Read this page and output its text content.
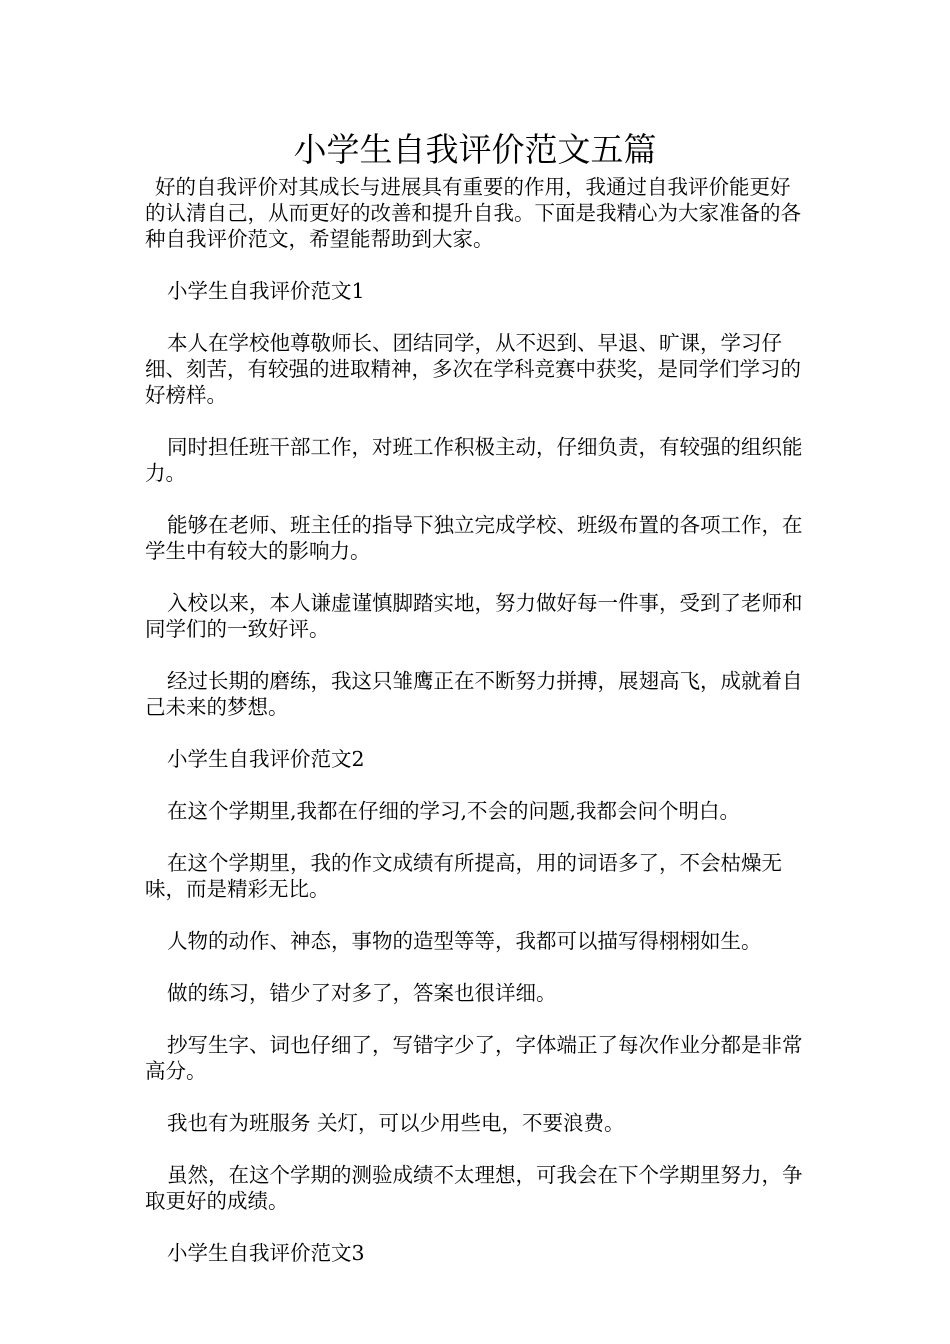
小学生自我评价范文五篇

好的自我评价对其成长与进展具有重要的作用，我通过自我评价能更好的认清自己，从而更好的改善和提升自我。下面是我精心为大家准备的各种自我评价范文，希望能帮助到大家。

小学生自我评价范文1

本人在学校他尊敬师长、团结同学，从不迟到、早退、旷课，学习仔细、刻苦，有较强的进取精神，多次在学科竞赛中获奖，是同学们学习的好榜样。

同时担任班干部工作，对班工作积极主动，仔细负责，有较强的组织能力。

能够在老师、班主任的指导下独立完成学校、班级布置的各项工作，在学生中有较大的影响力。

入校以来，本人谦虚谨慎脚踏实地，努力做好每一件事，受到了老师和同学们的一致好评。

经过长期的磨练，我这只雏鹰正在不断努力拼搏，展翅高飞，成就着自己未来的梦想。

小学生自我评价范文2

在这个学期里,我都在仔细的学习,不会的问题,我都会问个明白。

在这个学期里，我的作文成绩有所提高，用的词语多了，不会枯燥无味，而是精彩无比。

人物的动作、神态，事物的造型等等，我都可以描写得栩栩如生。

做的练习，错少了对多了，答案也很详细。

抄写生字、词也仔细了，写错字少了，字体端正了每次作业分都是非常高分。

我也有为班服务 关灯，可以少用些电，不要浪费。

虽然，在这个学期的测验成绩不太理想，可我会在下个学期里努力，争取更好的成绩。

小学生自我评价范文3
